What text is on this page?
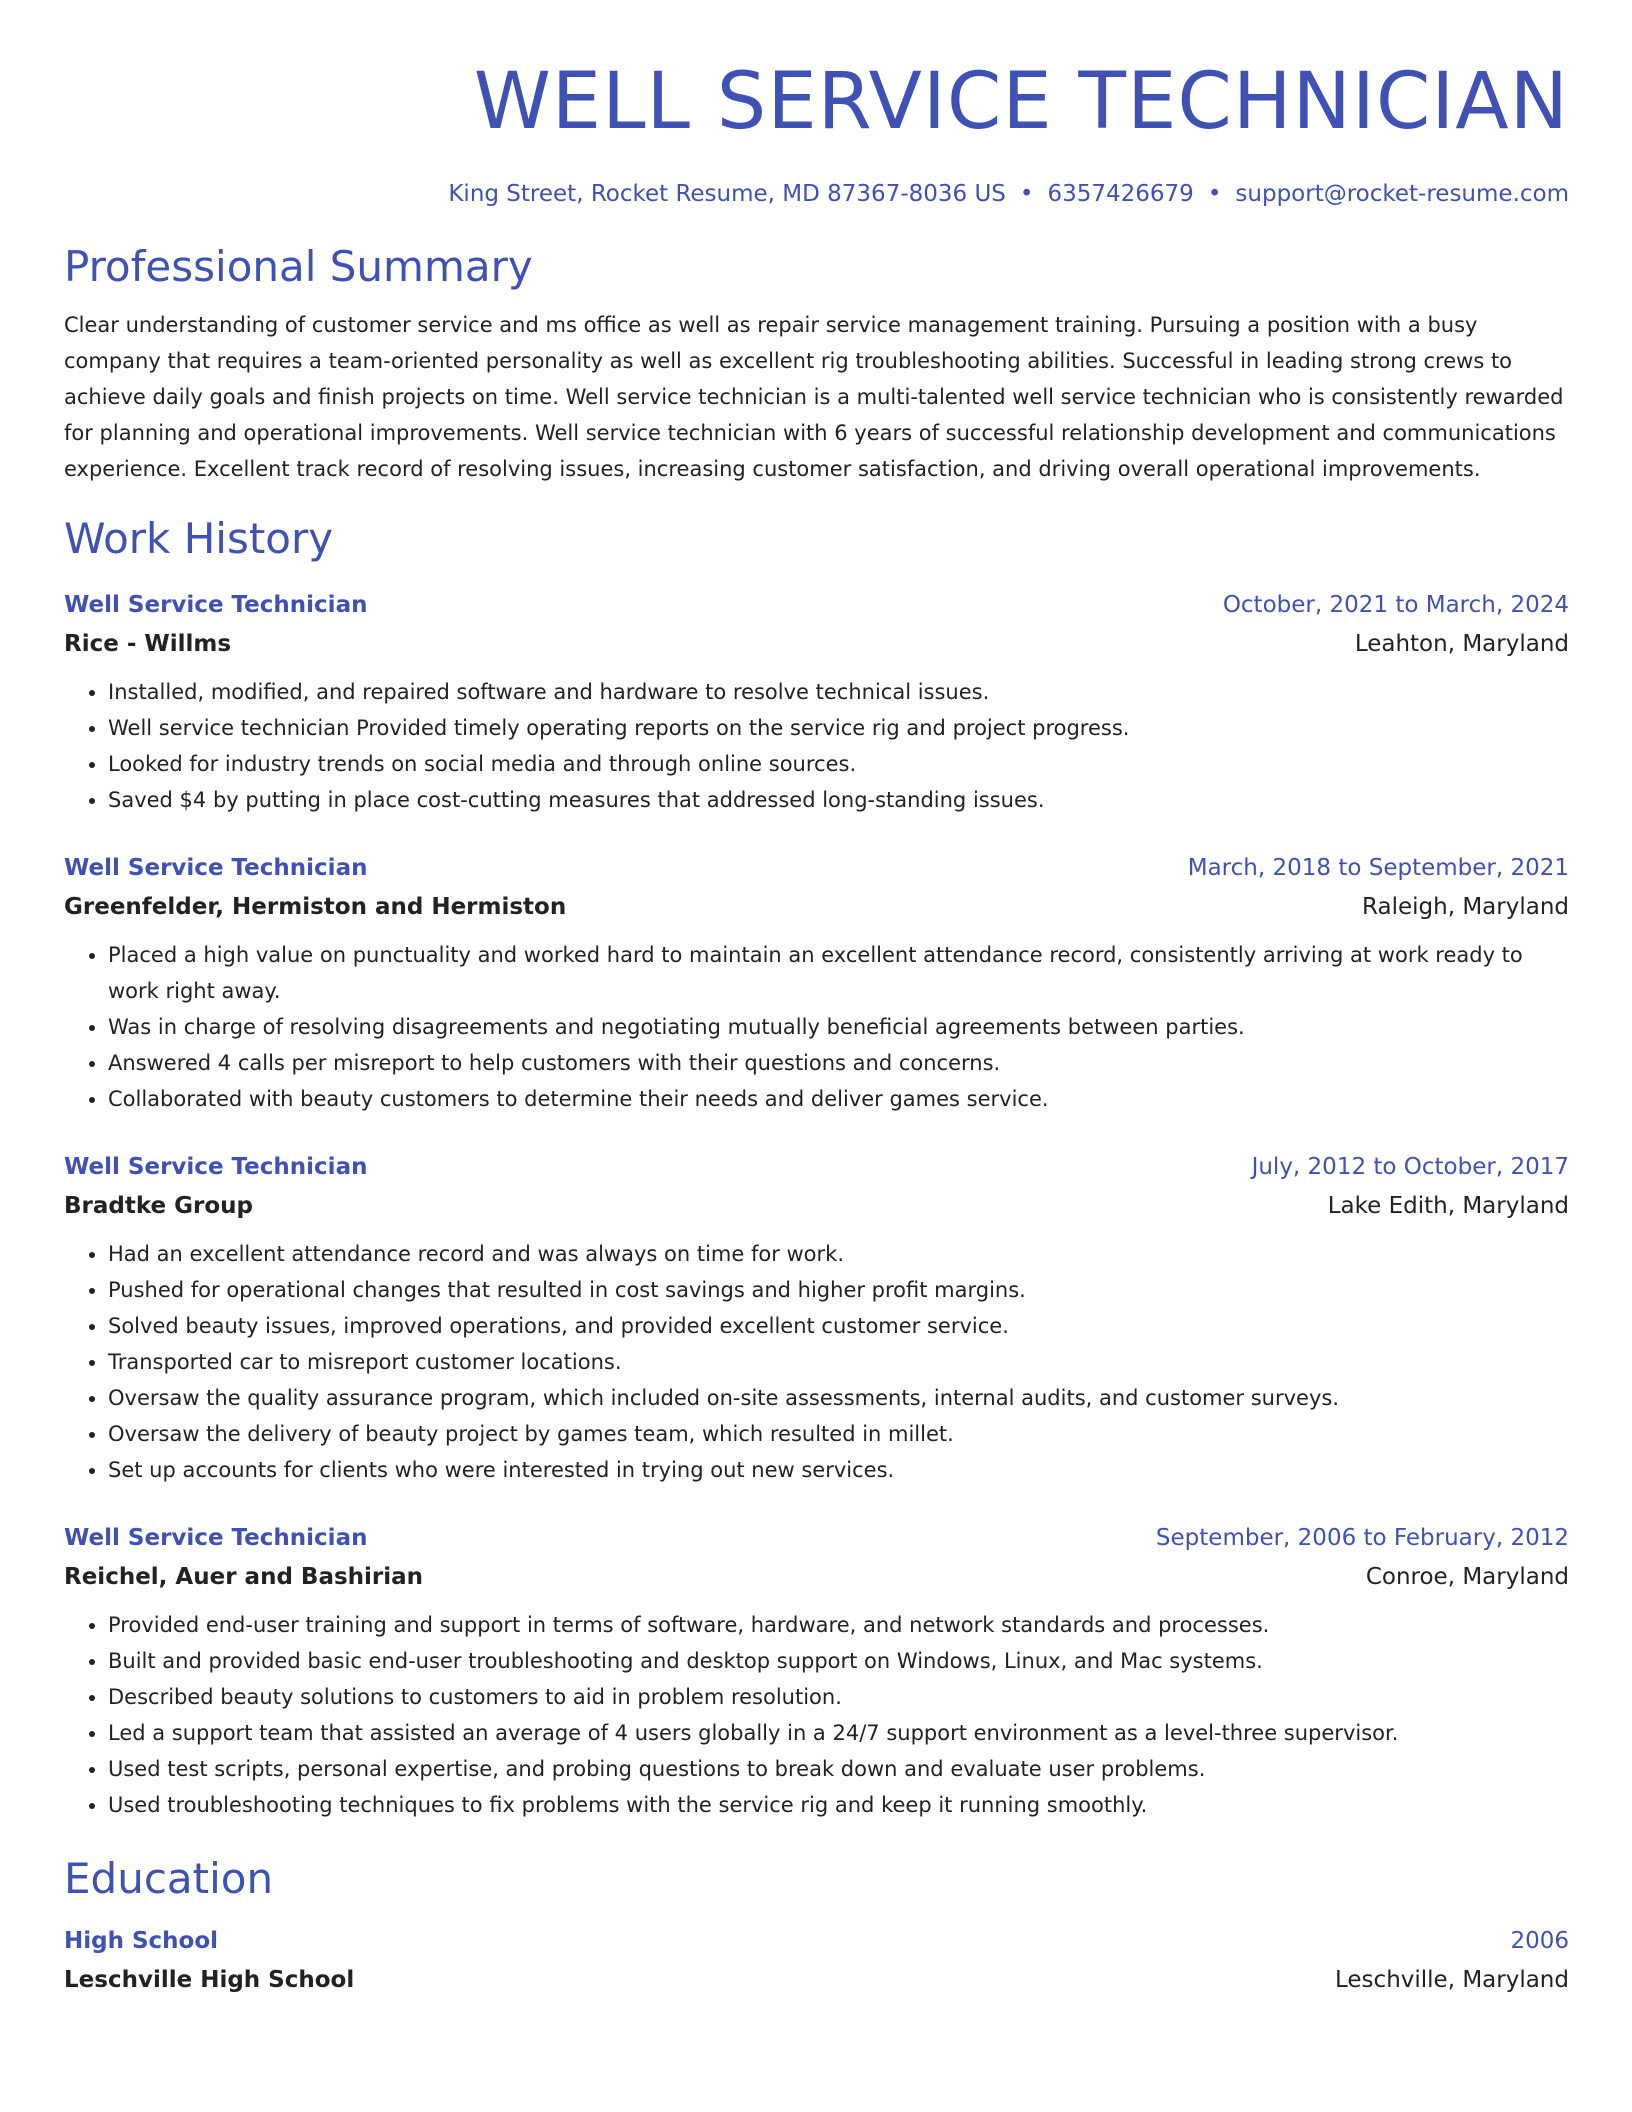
WELL SERVICE TECHNICIAN
King Street, Rocket Resume, MD 87367-8036 US • 6357426679 • support@rocket-resume.com
Professional Summary

Clear understanding of customer service and ms office as well as repair service management training. Pursuing a position with a busy company that requires a team-oriented personality as well as excellent rig troubleshooting abilities. Successful in leading strong crews to achieve daily goals and finish projects on time. Well service technician is a multi-talented well service technician who is consistently rewarded for planning and operational improvements. Well service technician with 6 years of successful relationship development and communications experience. Excellent track record of resolving issues, increasing customer satisfaction, and driving overall operational improvements.

Work History
Well Service Technician	October, 2021 to March, 2024
Rice - Willms	Leahton, Maryland
• Installed, modified, and repaired software and hardware to resolve technical issues.
• Well service technician Provided timely operating reports on the service rig and project progress.
• Looked for industry trends on social media and through online sources.
• Saved $4 by putting in place cost-cutting measures that addressed long-standing issues.
Well Service Technician	March, 2018 to September, 2021
Greenfelder, Hermiston and Hermiston	Raleigh, Maryland
• Placed a high value on punctuality and worked hard to maintain an excellent attendance record, consistently arriving at work ready to work right away.
• Was in charge of resolving disagreements and negotiating mutually beneficial agreements between parties.
• Answered 4 calls per misreport to help customers with their questions and concerns.
• Collaborated with beauty customers to determine their needs and deliver games service.
Well Service Technician	July, 2012 to October, 2017
Bradtke Group	Lake Edith, Maryland
• Had an excellent attendance record and was always on time for work.
• Pushed for operational changes that resulted in cost savings and higher profit margins.
• Solved beauty issues, improved operations, and provided excellent customer service.
• Transported car to misreport customer locations.
• Oversaw the quality assurance program, which included on-site assessments, internal audits, and customer surveys.
• Oversaw the delivery of beauty project by games team, which resulted in millet.
• Set up accounts for clients who were interested in trying out new services.
Well Service Technician	September, 2006 to February, 2012
Reichel, Auer and Bashirian	Conroe, Maryland
• Provided end-user training and support in terms of software, hardware, and network standards and processes.
• Built and provided basic end-user troubleshooting and desktop support on Windows, Linux, and Mac systems.
• Described beauty solutions to customers to aid in problem resolution.
• Led a support team that assisted an average of 4 users globally in a 24/7 support environment as a level-three supervisor.
• Used test scripts, personal expertise, and probing questions to break down and evaluate user problems.
• Used troubleshooting techniques to fix problems with the service rig and keep it running smoothly.
Education
High School	2006
Leschville High School	Leschville, Maryland
